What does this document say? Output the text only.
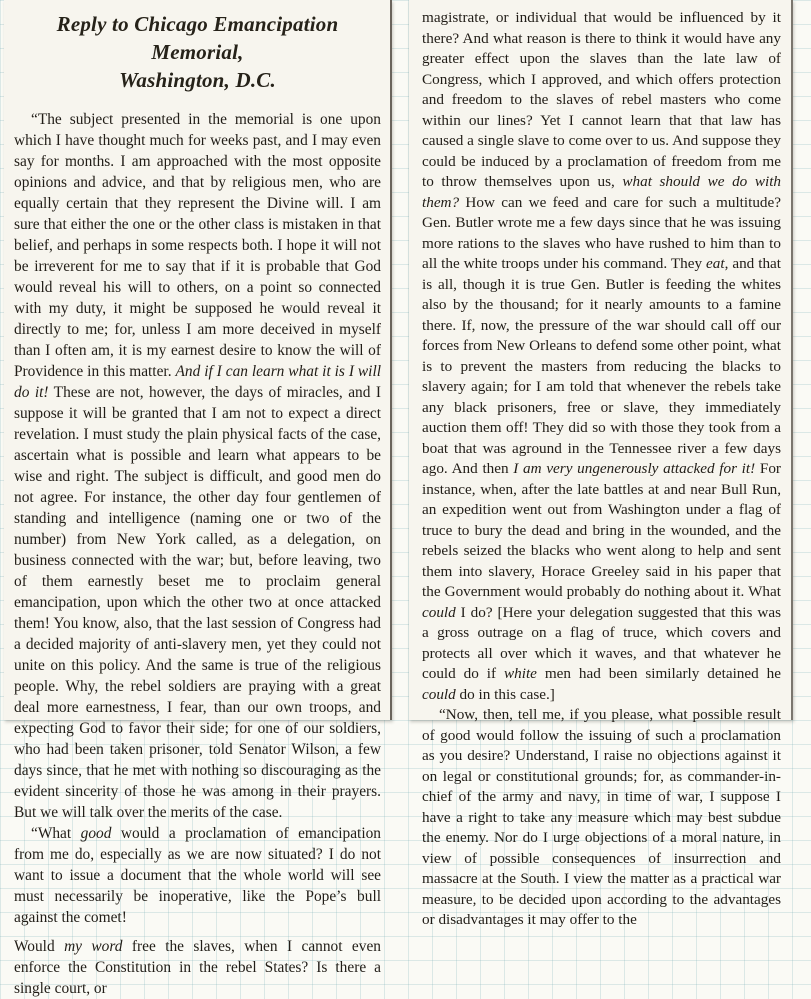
Reply to Chicago Emancipation Memorial,
Washington, D.C.

“The subject presented in the memorial is one upon which I have thought much for weeks past, and I may even say for months. I am approached with the most opposite opinions and advice, and that by religious men, who are equally certain that they represent the Divine will. I am sure that either the one or the other class is mistaken in that belief, and perhaps in some respects both. I hope it will not be irreverent for me to say that if it is probable that God would reveal his will to others, on a point so connected with my duty, it might be supposed he would reveal it directly to me; for, unless I am more deceived in myself than I often am, it is my earnest desire to know the will of Providence in this matter. And if I can learn what it is I will do it! These are not, however, the days of miracles, and I suppose it will be granted that I am not to expect a direct revelation. I must study the plain physical facts of the case, ascertain what is possible and learn what appears to be wise and right. The subject is difficult, and good men do not agree. For instance, the other day four gentlemen of standing and intelligence (naming one or two of the number) from New York called, as a delegation, on business connected with the war; but, before leaving, two of them earnestly beset me to proclaim general emancipation, upon which the other two at once attacked them! You know, also, that the last session of Congress had a decided majority of anti-slavery men, yet they could not unite on this policy. And the same is true of the religious people. Why, the rebel soldiers are praying with a great deal more earnestness, I fear, than our own troops, and expecting God to favor their side; for one of our soldiers, who had been taken prisoner, told Senator Wilson, a few days since, that he met with nothing so discouraging as the evident sincerity of those he was among in their prayers. But we will talk over the merits of the case.

“What good would a proclamation of emancipation from me do, especially as we are now situated? I do not want to issue a document that the whole world will see must necessarily be inoperative, like the Pope’s bull against the comet!

Would my word free the slaves, when I cannot even enforce the Constitution in the rebel States? Is there a single court, or

magistrate, or individual that would be influenced by it there? And what reason is there to think it would have any greater effect upon the slaves than the late law of Congress, which I approved, and which offers protection and freedom to the slaves of rebel masters who come within our lines? Yet I cannot learn that that law has caused a single slave to come over to us. And suppose they could be induced by a proclamation of freedom from me to throw themselves upon us, what should we do with them? How can we feed and care for such a multitude? Gen. Butler wrote me a few days since that he was issuing more rations to the slaves who have rushed to him than to all the white troops under his command. They eat, and that is all, though it is true Gen. Butler is feeding the whites also by the thousand; for it nearly amounts to a famine there. If, now, the pressure of the war should call off our forces from New Orleans to defend some other point, what is to prevent the masters from reducing the blacks to slavery again; for I am told that whenever the rebels take any black prisoners, free or slave, they immediately auction them off! They did so with those they took from a boat that was aground in the Tennessee river a few days ago. And then I am very ungenerously attacked for it! For instance, when, after the late battles at and near Bull Run, an expedition went out from Washington under a flag of truce to bury the dead and bring in the wounded, and the rebels seized the blacks who went along to help and sent them into slavery, Horace Greeley said in his paper that the Government would probably do nothing about it. What could I do? [Here your delegation suggested that this was a gross outrage on a flag of truce, which covers and protects all over which it waves, and that whatever he could do if white men had been similarly detained he could do in this case.]

“Now, then, tell me, if you please, what possible result of good would follow the issuing of such a proclamation as you desire? Understand, I raise no objections against it on legal or constitutional grounds; for, as commander-in-chief of the army and navy, in time of war, I suppose I have a right to take any measure which may best subdue the enemy. Nor do I urge objections of a moral nature, in view of possible consequences of insurrection and massacre at the South. I view the matter as a practical war measure, to be decided upon according to the advantages or disadvantages it may offer to the
